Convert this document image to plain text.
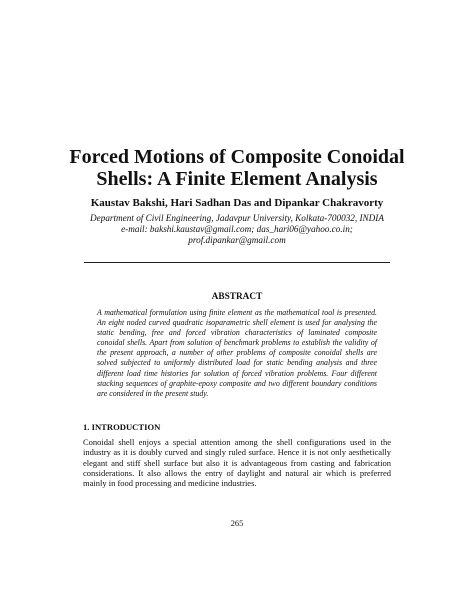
Forced Motions of Composite Conoidal
Shells: A Finite Element Analysis

Kaustav Bakshi, Hari Sadhan Das and Dipankar Chakravorty

Department of Civil Engineering, Jadavpur University, Kolkata-700032, INDIA
e-mail: bakshi.kaustav@gmail.com; das_hari06@yahoo.co.in;
prof.dipankar@gmail.com

ABSTRACT

A mathematical formulation using finite element as the mathematical tool is presented. An eight noded curved quadratic isoparametric shell element is used for analysing the static bending, free and forced vibration characteristics of laminated composite conoidal shells. Apart from solution of benchmark problems to establish the validity of the present approach, a number of other problems of composite conoidal shells are solved subjected to uniformly distributed load for static bending analysis and three different load time histories for solution of forced vibration problems. Four different stacking sequences of graphite-epoxy composite and two different boundary conditions are considered in the present study.

1. INTRODUCTION

Conoidal shell enjoys a special attention among the shell configurations used in the industry as it is doubly curved and singly ruled surface. Hence it is not only aesthetically elegant and stiff shell surface but also it is advantageous from casting and fabrication considerations. It also allows the entry of daylight and natural air which is preferred mainly in food processing and medicine industries.

265
